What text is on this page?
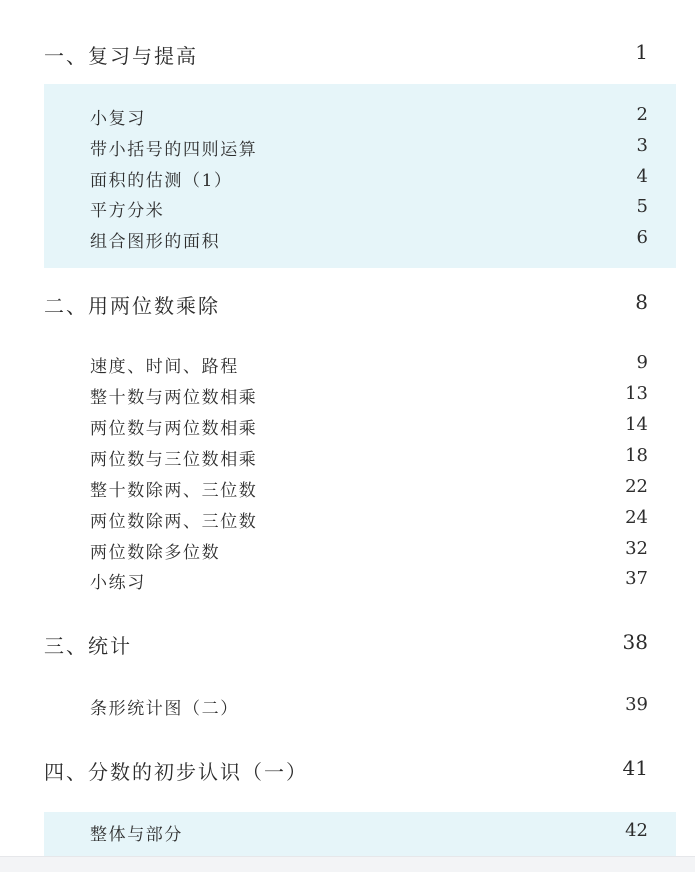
一、复习与提高	1
小复习	2
带小括号的四则运算	3
面积的估测（1）	4
平方分米	5
组合图形的面积	6
二、用两位数乘除	8
速度、时间、路程	9
整十数与两位数相乘	13
两位数与两位数相乘	14
两位数与三位数相乘	18
整十数除两、三位数	22
两位数除两、三位数	24
两位数除多位数	32
小练习	37
三、统计	38
条形统计图（二）	39
四、分数的初步认识（一）	41
整体与部分	42
